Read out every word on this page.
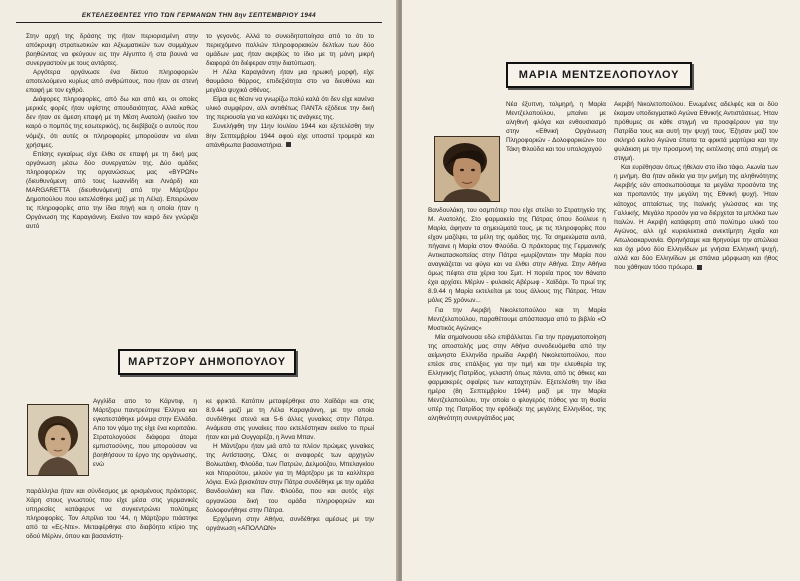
ΕΚΤΕΛΕΣΘΕΝΤΕΣ ΥΠΟ ΤΩΝ ΓΕΡΜΑΝΩΝ ΤΗΝ 8ην ΣΕΠΤΕΜΒΡΙΟΥ 1944

Στην αρχή της δράσης της ήταν περιορισμένη στην απόκρυψη στρατιωτικών και Αξιωματικών των συμμάχων βοηθώντας να φεύγουν εις την Αίγυπτο ή στα βουνά να συνεργαστούν με τους αντάρτες.

Αργότερα οργάνωσε ένα δίκτυο πληροφοριών αποτελούμενο κυρίως από ανθρώπους, που ήταν σε στενή επαφή με τον εχθρό.

Διάφορες πληροφορίες, από δω και από κει, οι οποίες μερικές φορές ήταν υψίστης σπουδαιότητας. Αλλά καθώς δεν ήταν σε άμεση επαφή με τη Μέση Ανατολή (εκείνο τον καιρό ο πομπός της εσωτερικός), τις διεβίβαζε ο αυτούς που νόμιζε, ότι αυτές οι πληροφορίες μπορούσαν να είναι χρήσιμες.

Επίσης εγκαίρως είχε έλθει σε επαφή με τη δική μας οργάνωση μέσω δύο συνεργατών της. Δύο ομάδες πληροφοριών της οργανώσεως μας «ΒΥΡΩΝ» (διευθυνόμενη από τους Ιωαννίδη και Λινάρδ) και MARGARETTA (διευθυνόμενη) από την Μάρτζορυ Δημοπούλου που εκτελέσθηκε μαζί με τη Λέλα). Επειρώναν τις πληροφορίες απο την ίδια πηγή και η οποία ήταν η Οργάνωση της Καραγιάννη. Εκείνο τον καιρό δεν γνώριζα αυτό

το γεγονός. Αλλά το συνειδητοποίησα από το ότι το περιεχόμενο πολλών πληροφοριακών δελτίων των δύο ομάδων μας ήταν ακριβώς το ίδιο με τη μόνη μικρή διαφορά ότι διέφεραν στην διατύπωση.

Η Λέλα Καραγιάννη ήταν μια ηρωική μορφή, είχε θαυμάσιο θάρρος, επιδεξιότητα στο να διευθύνει και μεγάλο ψυχικό σθένος.

Είμαι εις θέσιν να γνωρίζω πολύ καλά ότι δεν είχε κανένα υλικό συμφέρον, αλλ αντιθέτως ΠΑΝΤΑ εξόδευε την δική της περιουσία για να καλύψει τις ανάγκες της.

Συνελήφθη την 11ην Ιουλίου 1944 και εξετελέσθη την 8ην Σεπτεμβρίου 1944 αφού είχε υποστεί τρομερά και απάνθρωπα βασανιστήρια.

ΜΑΡΤΖΟΡΥ ΔΗΜΟΠΟΥΛΟΥ

Αγγλίδα απο το Κάρντιφ, η Μάρτζορυ παντρεύτηκε Έλληνα και εγκατεστάθηκε μόνιμα στην Ελλάδα. Απο τον γάμο της είχε ένα κοριτσάκι. Στρατολογούσε διάφορα άτομα εμπιστοσύνης, που μπορούσαν να βοηθήσουν το έργο της οργάνωσης, ενώ

παράλληλα ήταν και σύνδεσμος με ορισμένους πράκτορες. Χάρη στους γνωστούς που είχε μέσα στις γερμανικές υπηρεσίες κατάφερνε να συγκεντρώνει πολύτιμες πληροφορίες. Τον Απρίλιο του '44, η Μάρτζορυ πιάστηκε από τα «Ες-Ντε». Μεταφέρθηκε στο διαβόητο κτίριο της οδού Μέρλιν, όπου και βασανίστη-

κε φρικτά. Κατόπιν μεταφέρθηκε στο Χαϊδάρι και στις 8.9.44 μαζί με τη Λέλα Καραγιάννη, με την οποία συνδέθηκε στενά και 5-6 άλλες γυναίκες στην Πάτρα. Ανάμεσα στις γυναίκες που εκτελέστηκαν εκείνο το πρωί ήταν και μιά Ουγγαρέζα, η Άννα Μπαν.

Η Μάντζορυ ήταν μιά από τα πλέον πρώιμες γυναίκες της Αντίστασης. Όλες οι αναφορές των αρχηγών Βολιωτάκη, Φλούδα, των Πατρών, Δελμούζου, Μπελαγκίου και Ντορούτου, μιλούν για τη Μάρτζορυ με τα καλλίτερα λόγια. Ενώ βρισκόταν στην Πάτρα συνδέθηκε με την ομάδα Βανδουλάκη και Παν. Φλούδα, που και αυτός είχε οργανώσει δική του ομάδα πληροφοριών και δολοφονήθηκε στην Πάτρα.

Ερχόμενη στην Αθήνα, συνδέθηκε αμέσως με την οργάνωση «ΑΠΟΛΛΩΝ»

ΜΑΡΙΑ ΜΕΝΤΖΕΛΟΠΟΥΛΟΥ

Νέα έξυπνη, τολμηρή, η Μαρία Μεντζελοπούλου, μπαίνει με αληθινή φλόγα και ενθουσιασμό στην «Εθνική Οργάνωση Πληροφοριών - Δολοφορικών» του Τάκη Φλούδα και του υπολοχαγού

Βανδουλάκη, του οσμπότερ που είχε στείλει το Στρατηγείο της Μ. Ανατολής. Στο φαρμακείο της Πάτρας όπου δούλευε η Μαρία, άφηναν τα σημειώματά τους, με τις πληροφορίες που είχαν μαζέψει, τα μέλη της ομάδας της. Τα σημειώματα αυτά, πήγαινε η Μαρία στον Φλούδα. Ο πράκτορας της Γερμανικής Αντικατασκοπείας στην Πάτρα «μυρίζονται» την Μαρία που αναγκάζεται να φύγει και να έλθει στην Αθήνα. Στην Αθήνα όμως πέφτει στα χέρια του Σμιτ. Η πορεία προς τον θάνατο έχει αρχίσει. Μέρλιν - φυλακές Αβέρωφ - Χαϊδάρι. Το πρωί της 8.9.44 η Μαρία εκτελείται με τους άλλους της Πάτρας. Ήταν μόλις 25 χρόνων...

Για την Ακριβή Νικολετοπούλου και τη Μαρία Μεντζελοπούλου, παραθέτουμε απόσπασμα από το βιβλίο «Ο Μυστικός Αγώνας»

Μία σημαίνουσα εδώ επιβάλλεται. Για την πραγματοποίηση της αποστολής μας στην Αθήνα συνοδευόμεθα από την αείμνηστο Ελληνίδα ηρωίδα Ακριβή Νικολετοπούλου, που επέσε στις επάλξεις για την τιμή και την ελευθερία της Ελληνικής Πατρίδος, γελαστή όπως πάντα, από τις άθικες και φαρμακερές σφαίρες των καταχτητών. Εξετελέσθη την ίδια ημέρα (8η Σεπτεμβρίου 1944) μαζί με την Μαρία Μεντζελοπούλου, την οποία ο φλογερός πόθος για τη θυσία υπέρ της Πατρίδος την εφόδιαζε της μεγάλης Ελληνίδος, της αληθινότητη συνεργάτιδος μας

Ακριβή Νικολετοπούλου. Ενωμένες αδελφές και οι δύο έκαμαν υποδειγματικό Αγώνα Εθνικής Αντιστάσεως. Ήταν πρόθυμες σε κάθε στιγμή να προσφέρουν για την Πατρίδα τους και αυτή την ψυχή τους. Έζησαν μαζί τον σκληρό εκείνο Αγώνα έπειτα τα φρικτά μαρτύρια και την φυλάκιση με την προσμονή της εκτέλεσης από στιγμή σε στιγμή.

Και ευρέθησαν όπως ήθελαν στο ίδιο τάφο. Αιωνία των η μνήμη. Θα ήταν αδικία για την μνήμη της αληθινότητης Ακριβής εάν αποσιωπούσαμε τα μεγάλα προσόντα της και προπαντός την μεγάλη της Εθνική ψυχή. Ήταν κάτοχος απταίστως της Ιταλικής γλώσσας και της Γαλλικής. Μεγάλο προσόν για να διέρχεται τα μπλόκα των Ιταλών. Η Ακριβή κατάφερτη από πολύτιμο υλικό του Αγώνος, αλλ ιχέ κυριολεκτικά ανεκτίμητη Αχαΐα και Αιτωλοακαρνανία. Θρηνήσαμε και θρηνούμε την απώλεια και όχι μόνο δύο Ελληνίδων με γνήσια Ελληνική ψυχή, αλλά και δύο Ελληνίδων με σπάνια μόρφωση και ήθος που χάθηκαν τόσο πρόωρα.
